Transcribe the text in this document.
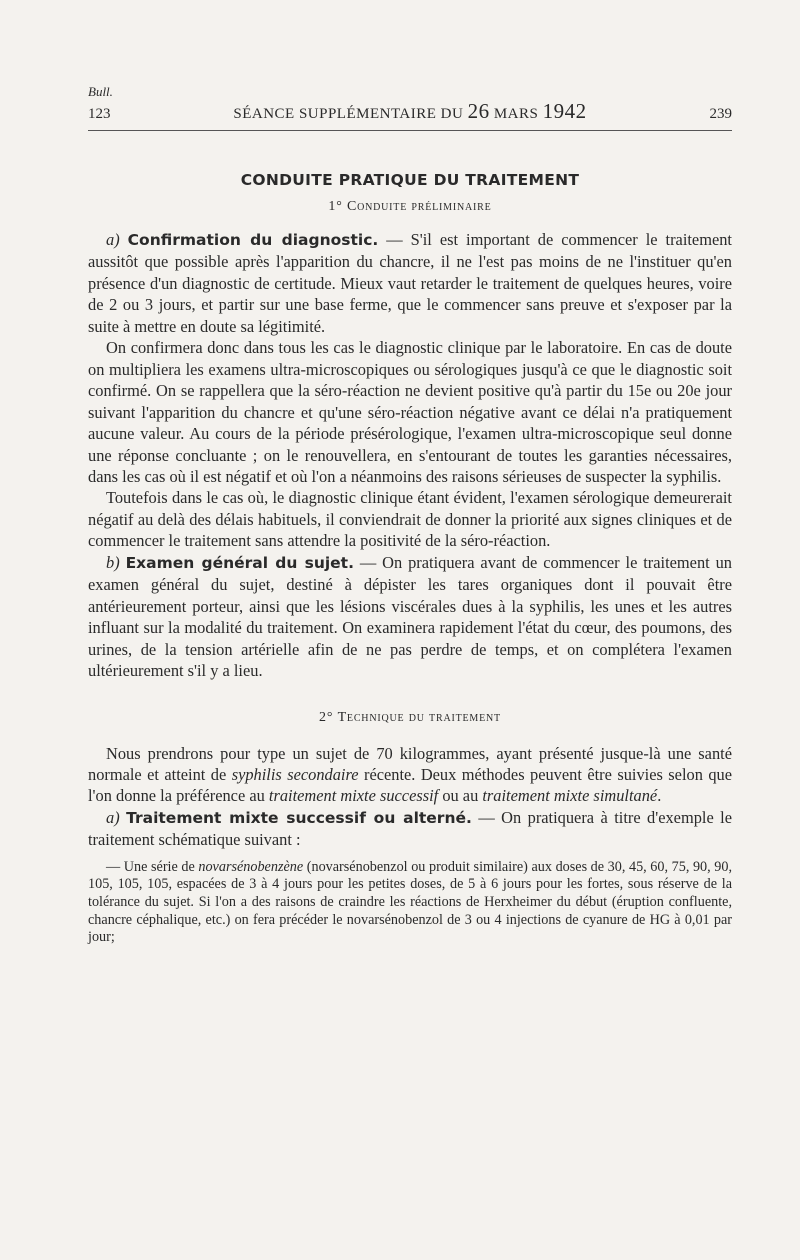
Bull.
123	SÉANCE SUPPLÉMENTAIRE DU 26 MARS 1942	239
CONDUITE PRATIQUE DU TRAITEMENT
1° Conduite préliminaire

a) Confirmation du diagnostic. — S'il est important de commencer le traitement aussitôt que possible après l'apparition du chancre, il ne l'est pas moins de ne l'instituer qu'en présence d'un diagnostic de certitude. Mieux vaut retarder le traitement de quelques heures, voire de 2 ou 3 jours, et partir sur une base ferme, que le commencer sans preuve et s'exposer par la suite à mettre en doute sa légitimité.

On confirmera donc dans tous les cas le diagnostic clinique par le laboratoire. En cas de doute on multipliera les examens ultra-microscopiques ou sérologiques jusqu'à ce que le diagnostic soit confirmé. On se rappellera que la séro-réaction ne devient positive qu'à partir du 15e ou 20e jour suivant l'apparition du chancre et qu'une séro-réaction négative avant ce délai n'a pratiquement aucune valeur. Au cours de la période présérologique, l'examen ultra-microscopique seul donne une réponse concluante ; on le renouvellera, en s'entourant de toutes les garanties nécessaires, dans les cas où il est négatif et où l'on a néanmoins des raisons sérieuses de suspecter la syphilis.

Toutefois dans le cas où, le diagnostic clinique étant évident, l'examen sérologique demeurerait négatif au delà des délais habituels, il conviendrait de donner la priorité aux signes cliniques et de commencer le traitement sans attendre la positivité de la séro-réaction.

b) Examen général du sujet. — On pratiquera avant de commencer le traitement un examen général du sujet, destiné à dépister les tares organiques dont il pouvait être antérieurement porteur, ainsi que les lésions viscérales dues à la syphilis, les unes et les autres influant sur la modalité du traitement. On examinera rapidement l'état du cœur, des poumons, des urines, de la tension artérielle afin de ne pas perdre de temps, et on complétera l'examen ultérieurement s'il y a lieu.

2° Technique du traitement

Nous prendrons pour type un sujet de 70 kilogrammes, ayant présenté jusque-là une santé normale et atteint de syphilis secondaire récente. Deux méthodes peuvent être suivies selon que l'on donne la préférence au traitement mixte successif ou au traitement mixte simultané.

a) Traitement mixte successif ou alterné. — On pratiquera à titre d'exemple le traitement schématique suivant :

— Une série de novarsénobenzène (novarsénobenzol ou produit similaire) aux doses de 30, 45, 60, 75, 90, 90, 105, 105, 105, espacées de 3 à 4 jours pour les petites doses, de 5 à 6 jours pour les fortes, sous réserve de la tolérance du sujet. Si l'on a des raisons de craindre les réactions de Herxheimer du début (éruption confluente, chancre céphalique, etc.) on fera précéder le novarsénobenzol de 3 ou 4 injections de cyanure de HG à 0,01 par jour;
